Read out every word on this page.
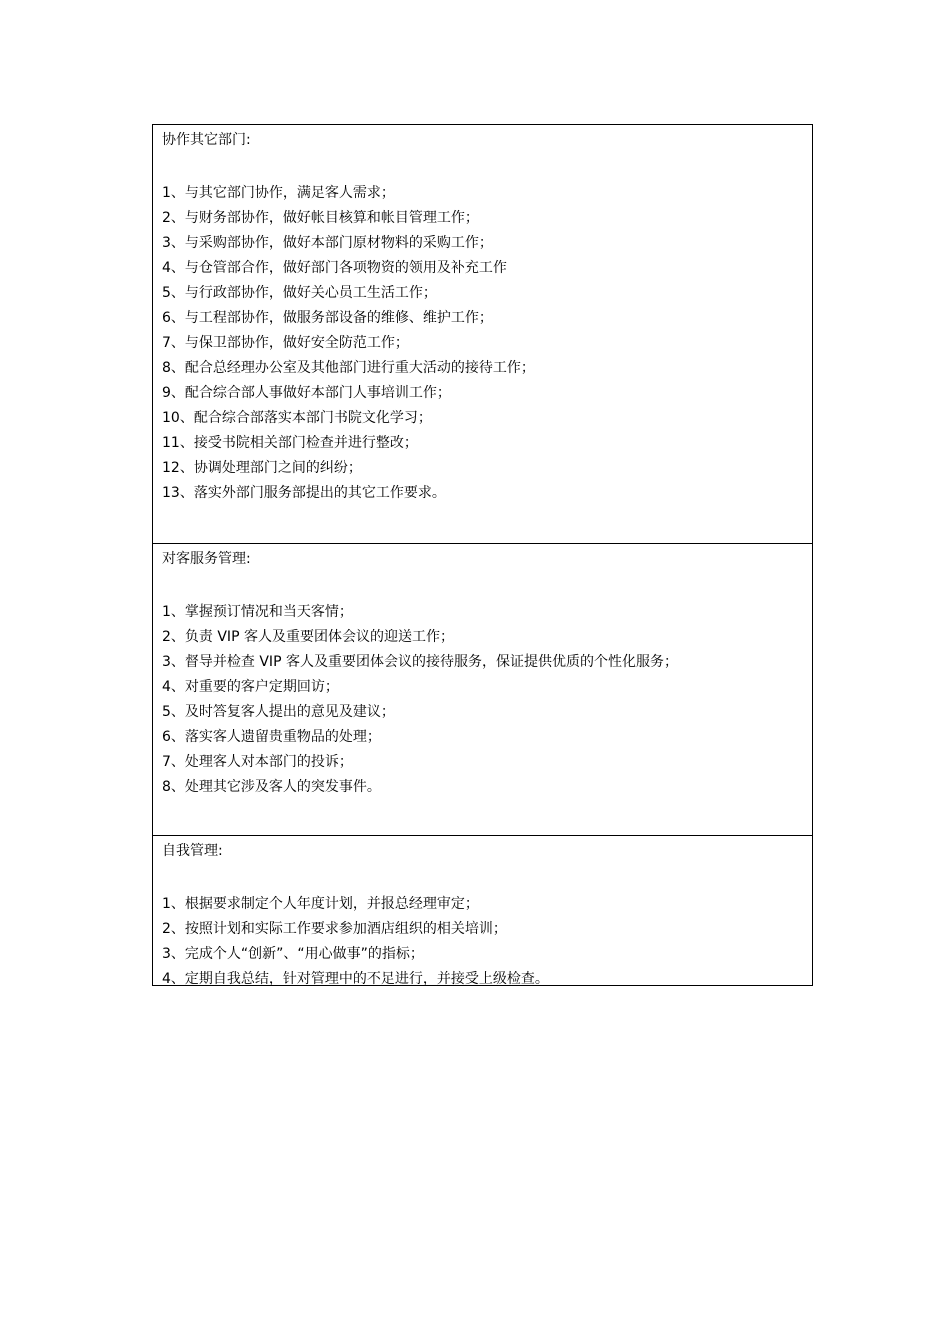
协作其它部门:
1、与其它部门协作，满足客人需求；
2、与财务部协作，做好帐目核算和帐目管理工作；
3、与采购部协作，做好本部门原材物料的采购工作；
4、与仓管部合作，做好部门各项物资的领用及补充工作
5、与行政部协作，做好关心员工生活工作；
6、与工程部协作，做服务部设备的维修、维护工作；
7、与保卫部协作，做好安全防范工作；
8、配合总经理办公室及其他部门进行重大活动的接待工作；
9、配合综合部人事做好本部门人事培训工作；
10、配合综合部落实本部门书院文化学习；
11、接受书院相关部门检查并进行整改；
12、协调处理部门之间的纠纷；
13、落实外部门服务部提出的其它工作要求。
对客服务管理:
1、掌握预订情况和当天客情；
2、负责 VIP 客人及重要团体会议的迎送工作；
3、督导并检查 VIP 客人及重要团体会议的接待服务，保证提供优质的个性化服务；
4、对重要的客户定期回访；
5、及时答复客人提出的意见及建议；
6、落实客人遗留贵重物品的处理；
7、处理客人对本部门的投诉；
8、处理其它涉及客人的突发事件。
自我管理:
1、根据要求制定个人年度计划，并报总经理审定；
2、按照计划和实际工作要求参加酒店组织的相关培训；
3、完成个人“创新”、“用心做事”的指标；
4、定期自我总结，针对管理中的不足进行，并接受上级检查。
